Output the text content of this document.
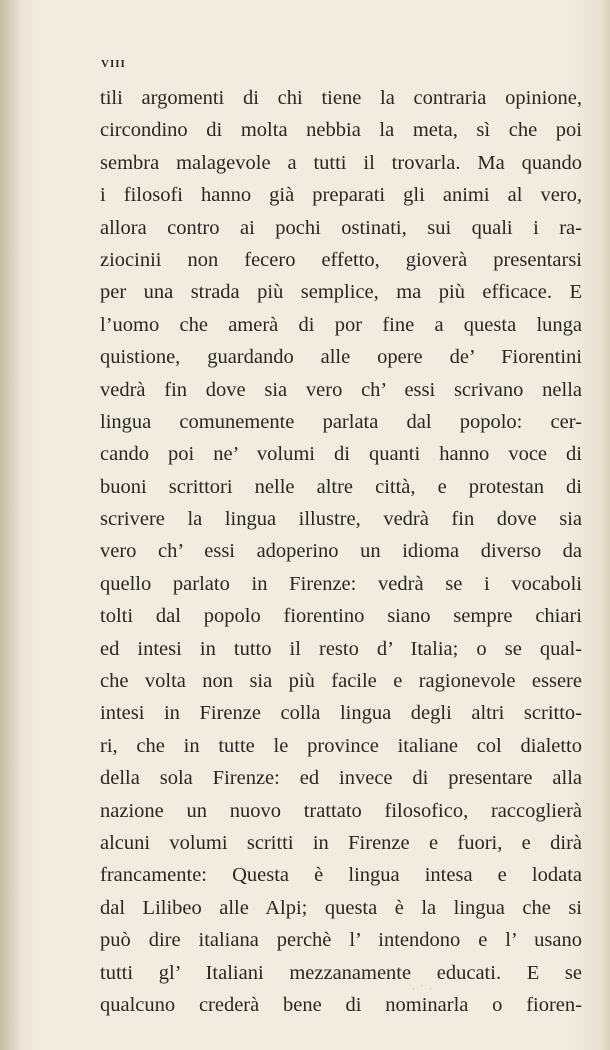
viii
tili argomenti di chi tiene la contraria opinione,
circondino di molta nebbia la meta, sì che poi
sembra malagevole a tutti il trovarla. Ma quando
i filosofi hanno già preparati gli animi al vero,
allora contro ai pochi ostinati, sui quali i ra-
ziocinii non fecero effetto, gioverà presentarsi
per una strada più semplice, ma più efficace. E
l’uomo che amerà di por fine a questa lunga
quistione, guardando alle opere de’ Fiorentini
vedrà fin dove sia vero ch’ essi scrivano nella
lingua comunemente parlata dal popolo: cer-
cando poi ne’ volumi di quanti hanno voce di
buoni scrittori nelle altre città, e protestan di
scrivere la lingua illustre, vedrà fin dove sia
vero ch’ essi adoperino un idioma diverso da
quello parlato in Firenze: vedrà se i vocaboli
tolti dal popolo fiorentino siano sempre chiari
ed intesi in tutto il resto d’ Italia; o se qual-
che volta non sia più facile e ragionevole essere
intesi in Firenze colla lingua degli altri scritto-
ri, che in tutte le province italiane col dialetto
della sola Firenze: ed invece di presentare alla
nazione un nuovo trattato filosofico, raccoglierà
alcuni volumi scritti in Firenze e fuori, e dirà
francamente: Questa è lingua intesa e lodata
dal Lilibeo alle Alpi; questa è la lingua che si
può dire italiana perchè l’ intendono e l’ usano
tutti gl’ Italiani mezzanamente educati. E se
qualcuno crederà bene di nominarla o fioren-
· ˙ ·
